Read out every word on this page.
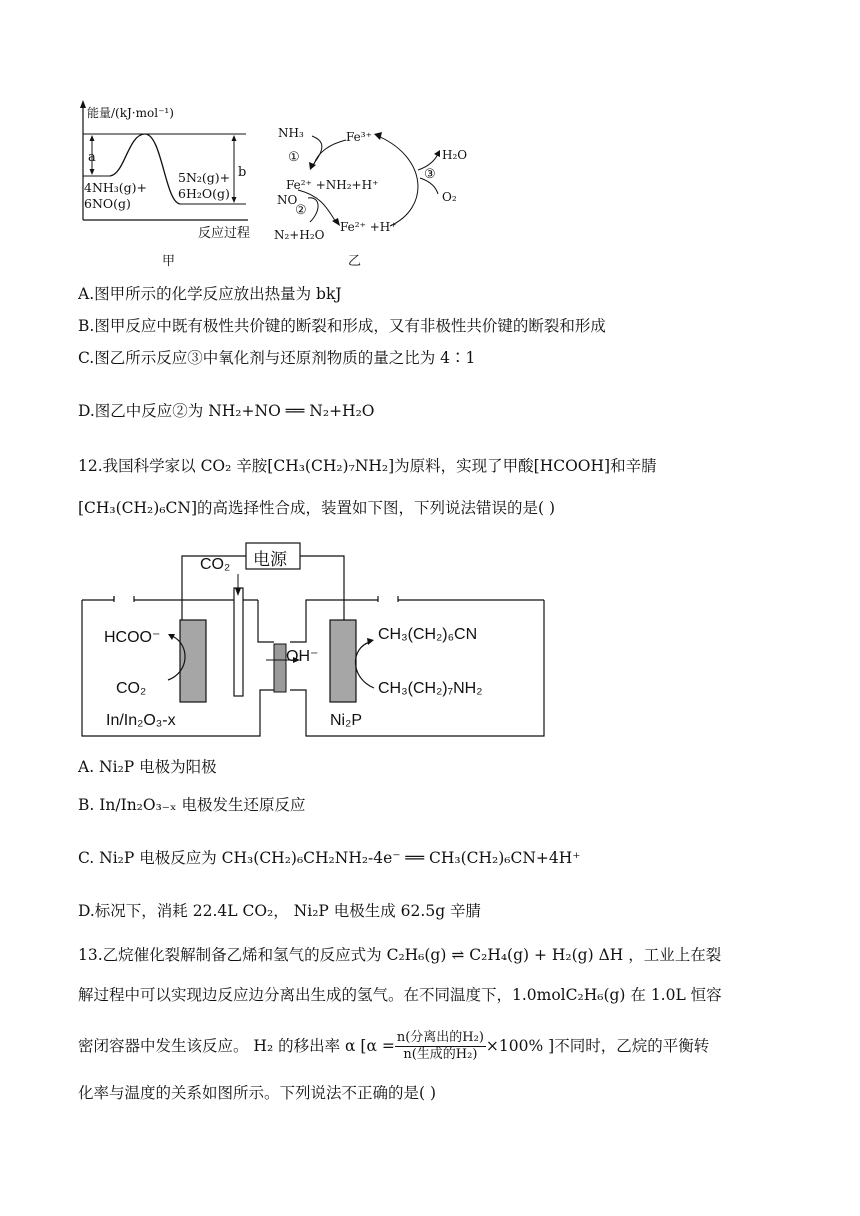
能量/(kJ·mol⁻¹)
a
b
4NH₃(g)+
6NO(g)
5N₂(g)+
6H₂O(g)
反应过程
甲
NH₃	Fe³⁺
①
Fe²⁺ +NH₂+H⁺
NO
②
N₂+H₂O
Fe²⁺ +H⁺
H₂O
③
O₂
乙
A.图甲所示的化学反应放出热量为 bkJ
B.图甲反应中既有极性共价键的断裂和形成，又有非极性共价键的断裂和形成
C.图乙所示反应③中氧化剂与还原剂物质的量之比为 4∶1
D.图乙中反应②为 NH₂+NO ══ N₂+H₂O
12.我国科学家以 CO₂ 辛胺[CH₃(CH₂)₇NH₂]为原料，实现了甲酸[HCOOH]和辛腈
[CH₃(CH₂)₆CN]的高选择性合成，装置如下图，下列说法错误的是( )
电源
CO₂
HCOO⁻
CO₂
In/In₂O₃-x
OH⁻
CH₃(CH₂)₆CN
CH₃(CH₂)₇NH₂
Ni₂P
A. Ni₂P 电极为阳极
B. In/In₂O₃₋ₓ 电极发生还原反应
C. Ni₂P 电极反应为 CH₃(CH₂)₆CH₂NH₂-4e⁻ ══ CH₃(CH₂)₆CN+4H⁺
D.标况下，消耗 22.4L CO₂， Ni₂P 电极生成 62.5g 辛腈
13.乙烷催化裂解制备乙烯和氢气的反应式为 C₂H₆(g) ⇌ C₂H₄(g) + H₂(g) ΔH ，工业上在裂
解过程中可以实现边反应边分离出生成的氢气。在不同温度下，1.0molC₂H₆(g) 在 1.0L 恒容
密闭容器中发生该反应。 H₂ 的移出率 α [$\alpha = \frac{\text{n(分离出的H₂)}}{\text{n(生成的H₂)}} \times 100\%$ ]不同时，乙烷的平衡转
化率与温度的关系如图所示。下列说法不正确的是( )
